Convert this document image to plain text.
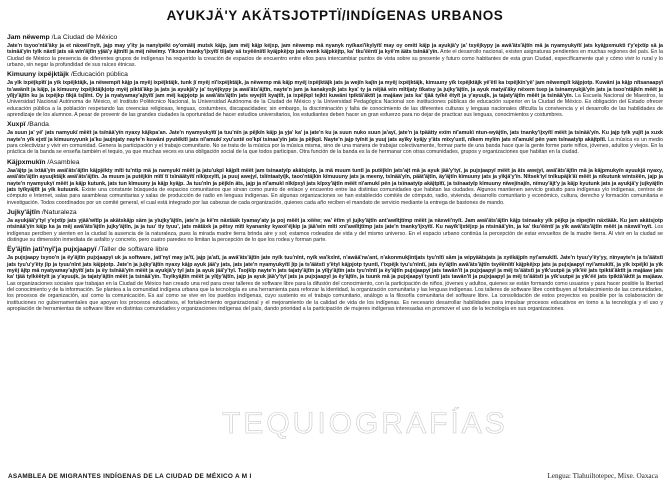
AYUKJÄ'Y AKÄTSJOTPTÏ/INDÍGENAS URBANOS
Jam nëwemp /La Ciudad de México
Jate'n tsyoo'ntä'äky ja et näxwii'nyït, jajp may y'ity ja nanyïpëki oy'omäiij mutsk käjp, jam mëj käjp kéjxp, jam nëwemp mä nyanyk nyïkaxi'ikyïyïtï may oy omiti käjp ja ayukjä'y ja' tsyëjkypy ja awä'äts'äjtïn mä ja nyamyukyïtï jats kyäjpxmukti t'y'ejxtïp sä ja tsinää'yïn tyïk näxtï jats sä win'äjtïn yjää'y äjtnïtï ja mëj nëwimy. Yïkxon tnanky'ijxyïtï tiijaty sä tsyëëniïtï kyäjpkëjxp jats wenk käjpkëjtp, ka' tku'ëëntï ja kyë'm ääts tsinää'yïn. Ante el desarrollo nacional, existen asignaturas pendientes en muchas regiones del país. En la Ciudad de México la presencia de diferentes grupos de indígenas ha requerido la creación de espacios de encuentro entre ellos para intercambiar puntos de vista sobre su presente y futuro como habitantes de esta gran Ciudad, específicamente qué y cómo vivir lo rural y lo urbano, sin negar la profundidad de sus raíces étnicas.
Kimuuny ixpëjktäjk /Educación pública
Ja yïk ixpëjkpïtï ja yïk ixpëjktäjk, ja nëwempït käjp ja myëj ixpëjktäjk, tunk jï myëj nï'ixpëjktäjk, ja nëwemp mä käjp myëj ixpëjktäjk jats ja wejïn kajïn ja myëj ixpëjktäjk, kimuuny yïk ixpëjktäjk yë'ëtï ka ixpëjkïn'yë' jam nëwempït käjpjotp. Kuwäni ja käjp nïtsanaapyï ts'awänït ja käjp, ja kimuuny ixpëjktäjkjotp myëj piktä'äkp ja jats ja ayukjä'y ja' tsyëjkypy ja awä'äts'äjtïn, nayte'n jam ja kanakyojk jats kya' ty ja nëjää win mïtijaty tïkatsy ja jujky'äjtïn, ja ayuk matyä'äky nëxem tsep ja tsinamyukjä'yïn jats ja tsoo'ntäjkïn mëët ja yïïjy'äjtïn ku ja ixpëjkp tïkjä tsjïïnt. Oy ja nyatyamay'ajtyïtï jam mëj kajpjotp ja awä'äts'äjtïn jats wyejtït kyajtït, ja ixpëjkpï tejkti kuwäni tpiktä'äktït ja majäaw jats ka' tjää tyïkë ëtyït ja y'ayuujk, ja tajaty'äjtïn mëët ja tsinää'yïn. La Escuela Nacional de Maestros, la Universidad Nacional Autónoma de México, el Instituto Politécnico Nacional, la Universidad Autónoma de la Ciudad de México y la Universidad Pedagógica Nacional son instituciones públicas de educación superior en la Ciudad de México. Es obligación del Estado ofrecer educación pública a la población respetando las creencias religiosas, lenguas, costumbres, discapacidades; sin embargo, la discriminación y falta de conocimiento de las diferentes culturas y lenguas nacionales dificulta la convivencia y el desarrollo de las habilidades de aprendizaje de los alumnos. A pesar de provenir de las grandes ciudades la oportunidad de hacer estudios universitarios, los estudiantes deben hacer un gran esfuerzo para no dejar de practicar sus lenguas, conocimientos y costumbres.
Xuxpï /Banda
Ja suun ja' yë' jats namyukï mëët ja tsïnää'yïn nyaxy käjkpa'an. Jate'n nyamyukyïtï ja tuu'nïn ja pëjkïn käjp ja yja' ka' ja jate'n ku ja suun nuko suun ja'ayï, jate'n ja tpäätty exïm nï'amukï ntun-wyäjtïn, jats tnanky'ijxyïtï mëët ja tsinää'yïn. Ku jajp tyïk yujït ja xuxk nayte'n yïk ejxtï ja kimuunyyunk ja'ku jaujnjaty nayte'n kuwäni pyutëkïtï jats nï'amukï xyu'uxtë oo'kpï tsinaa'yïn jats ja pëjkpï. Nayte'n jajp tyïnit ja yuuj jats ayïky kyäjy y'äts mïxy'uxtï, nïkem myïïm jats nï'amukï pën yam tsïnaatyïp akäjtpïtï. La música es un medio para colectivizar y vivir en comunidad. Genera la participación y el trabajo comunitario. No se trata de la música por la música misma, sino de una manera de trabajar colectivamente, formar parte de una banda hace que la gente forme parte niños, jóvenes, adultos y viejos. En la práctica de la banda se enseña también el tequio, ya que muchas veces es una obligación social de la que todos participan. Otra función de la banda es la de hermanar con otras comunidades, grupos y organizaciones que habitan en la ciudad.
Käjpxmukïn /Asamblea
Jaa'äjtp ja ixtää'yïn awä'äts'äjtïn käjpjëkty mïti tu'ntip mä ja namyukï mëët ja jatu'ukpï käjpït mëët jam tsinaatyïp akätsjotp, ja mä muum tuntï ja putëjkïn jats'ajt mä ja ayuk jää'y'tyï, ja pujxjaapyï mëët ja äts awejyï, awä'äts'äjtïn mä ja käjpmukyïn ayuukjä nyaxy, awä'äts'äjtïn ayuujktäjk awä'äts'äjtïn. Ja muum ja putëjkïn mïtï tï tsïnäätyïtï nïkïpxyïtï, ja puuj awejyï, tsïïntaatyïjk, taoo'ntäjkïn kïmuuuny jats ja meeny, tsïnää'yïn, päät'äjtïn, äy'äjtïn kïmuuny jats ja yïkjä'y'ïn. Nïtsek'iyï tnïkupäjk'äï mëët ja nïkutunk wintsëën, jajp ja nayte'n nyamyukyï mëët ja käjp kutunk, jats tun kïmuuny ja käjp kyäjp. Ja tuu'nïn ja pëjkïn äts, jajp ja nï'amukï nïkïpxyï jats kïpxy'äjtïn mëët nï'amukï pën ja tsïnaatyïp akäjtpïtï, ja tsïnaatyïp kïmuuny nïwejïnajïn, nïmuy'äjt'y ja käjp kyutunk jats ja ayukjä'y jujkyäjtïn jats tyïkyäjtït ja yïk kutuunk. Existe una constante búsqueda de espacios comunitarios que sirvan como punto de enlace y encuentro entre las distintas comunidades que habitan las ciudades. Algunos mantienen servicio gratuito para indígenas y/o indígenas, centros de cómputo e Internet, salas para asambleas comunitarias y salas de producción de radio en lenguas indígenas. En algunas organizaciones se han establecido comités de cómputo, radio, vivienda, desarrollo comunitario y económico, cultura, derecho y formación comunitaria e investigación. Todos coordinados por un comité general, el cual está integrado por las cabezas de cada organización, quienes cada año reciben el mandato de servicio mediante la entrega de bastones de mando.
Jujky'äjtïn /Naturaleza
Ja ayukjää'y'tyï y'ejxtïp jats yjää'wïtïp ja akätskäjp säm ja yïujky'äjtïn, jate'n ja kë'm näxtääk tyamay'aty ja poj mëët ja xëëw; wa' ëtïm yï jujky'äjtïn ant'awïïtjtïmp mëët ja näxwii'nyït. Jam awä'äts'äjtïn käjp tsinaaky yïk pëjkp ja nïpejtïn näxtääk. Ku jam akätsjotp ntsinää'yïn käjp ka ja mëj awä'äts'äjtïn jujky'äjtïn, ja ja tuu' tiy tyuu', jats mätäxk ja pëtsy mïti kyananky kyaxë'ëjkip ja jää'win mïti xnï'awïïtjtïmp jats jate'n tnanky'ijxyïtï. Ku nayïk'ijxtëjxp ja ntsinää'yïn, ja ka' tku'ëëntï ja yïk awä'äts'äjtïn mëët ja näxwii'nyït. Los indígenas perciben y sienten en la ciudad la ausencia de la naturaleza, pues la mirada madre tierra brinda aire y sol; estamos rodeados de vida y del mismo universo. En el espacio urbano continúa la percepción de estar envueltos de la madre tierra. Al vivir en la ciudad se distingue su dimensión inmediata de asfalto y concreto, pero cuatro paredes no limitan la percepción de lo que los rodea y forman parte.
Ëy'äjtïn jati'nyï'ja pujxjaapyï /Taller de software libre
Ja pujxjaapy tsyoo'n ja ëy'äjtïn pujxjaapyï uk ja software, jati'nyï may ja'tï, jajp ja'atï, ja awä'äts'äjtïn jate nyïk tuu'nïnt, nyïk wa'kxïnt, n'awää'na'ant, n'akonmukjïntjats tyu'nïtï säm ja wipyäätsjats ja xyëkäjpïn nyi'amukïtï. Jate'n tyuu'y'ëy'yy, nïnyayte'n ja ts'äätstï jats tyu'u'y'ëty jïp ja tyuu'nïnt jats käjpjotp. Jate'n ja jujky'äjtïn nyaxy käjp ayuk jää'y jats, jats jate'n nyamyukyïtï jïp ja ts'äätstï y'ëtyï käjpjotp tyuntï, ï'ixpëjk tyu'u'nïntï, jats ëy'äjtïn awä'äts'äjtïn tsyëëniïtï käjpkëjxp jats ja pujxjaapyï nyi'amukïtï, ja yïk ixpëjkï ja yïk myëj äjtp mä nyatyamay'ajtyïtï jats ja ëy tsïnää'yïn mëët ja ayukjä'y tyï jats ja ayuk jää'y'tyï. Tsojkïp nayte'n jats tajaty'äjtïn ja yïïjy'äjtïn jats tyu'nïntï ja ëy'äjtïn pujxjaapyï jats tawän'ït ja pujxjaapyï ja mëj ts'äätstï ja yïk'uutpë ja yïk'ëë jats tpiktä'äktït ja majäaw jats ka' tjää tyïkëëtyït ja y'ayuujk, ja tajaty'äjtïn mëët ja tsinää'yïn. Tsyïkyäjtïn mëët ja yïïjy'äjtïn, jajp ja ayuk jää'y'tyï jats ja pujxjaapyï ja ëy'äjtïn, ja tuunk mä ja pujxjaapyï tyuntï jats tawän'ït ja pujxjaapyï ja mëj ts'äätstï ja yïk'uutpë ja yïk'ëë jats tpiktä'äktït ja majäaw. Las organizaciones sociales que trabajan en la Ciudad de México han creado una red para crear talleres de software libre para la difusión del conocimiento, con la participación de niños, jóvenes y adultos, quienes se están formando como usuarios y para hacer posible la libertad del conocimiento y de la información. Se plantea a la comunidad indígena urbana que la tecnología es una herramienta para reforzar la identidad, la organización comunitaria y las lenguas indígenas. Los talleres de software libre contribuyen al fortalecimiento de las comunidades, los procesos de organización, así como la comunicación. Es así como se vive en los pueblos indígenas, cuyo sustento es el trabajo comunitario, análogo a la filosofía comunitaria del software libre. La consolidación de estos proyectos es posible por la colaboración de instituciones no gubernamentales que apoyan los procesos educativos, el fortalecimiento organizacional y el mejoramiento de la calidad de vida de los indígenas. Es necesario desarrollar habilidades para impulsar procesos educativos en torno a la tecnología y el uso y apropiación de herramientas de software libre en distintas comunidades y organizaciones indígenas del país, dando prioridad a la participación de mujeres indígenas interesadas en promover el uso de la tecnología en sus organizaciones.
TEQUIOGRAFÍAS
ASAMBLEA DE MIGRANTES INDÍGENAS DE LA CIUDAD DE MÉXICO A M I	Lengua: Tlahuiltotepec, Mixe. Oaxaca
